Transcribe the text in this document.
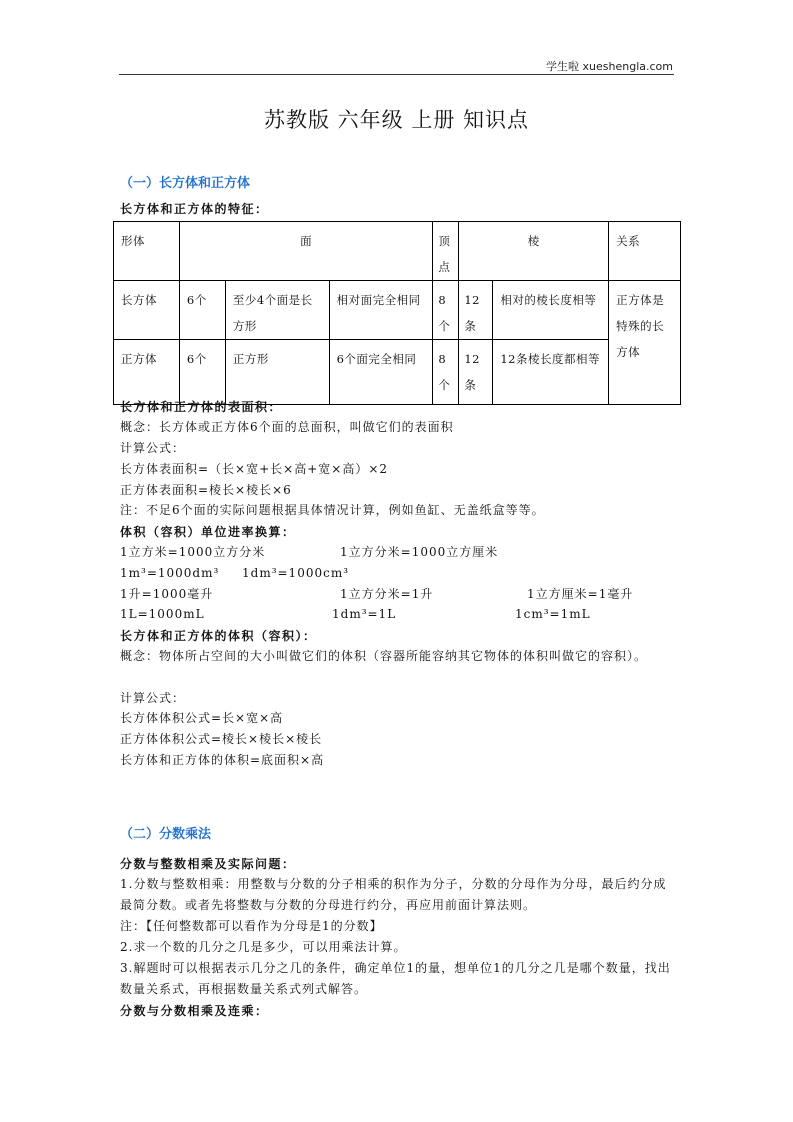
学生啦 xueshengla.com
苏教版 六年级 上册 知识点
（一）长方体和正方体
长方体和正方体的特征：
形体	面			顶点	棱		关系
长方体	6个	至少4个面是长方形	相对面完全相同	8个	12条	相对的棱长度相等	正方体是特殊的长方体
正方体	6个	正方形	6个面完全相同	8个	12条	12条棱长度都相等	
长方体和正方体的表面积：
概念：长方体或正方体6个面的总面积，叫做它们的表面积
计算公式：
长方体表面积=（长×宽+长×高+宽×高）×2
正方体表面积=棱长×棱长×6
注：不足6个面的实际问题根据具体情况计算，例如鱼缸、无盖纸盒等等。
体积（容积）单位进率换算：
1立方米=1000立方分米	1立方分米=1000立方厘米
1m³=1000dm³ 1dm³=1000cm³
1升=1000毫升	1立方分米=1升	1立方厘米=1毫升
1L=1000mL	1dm³=1L	1cm³=1mL
长方体和正方体的体积（容积）：
概念：物体所占空间的大小叫做它们的体积（容器所能容纳其它物体的体积叫做它的容积）。
计算公式：
长方体体积公式=长×宽×高
正方体体积公式=棱长×棱长×棱长
长方体和正方体的体积=底面积×高
（二）分数乘法
分数与整数相乘及实际问题：
1.分数与整数相乘：用整数与分数的分子相乘的积作为分子，分数的分母作为分母，最后约分成最简分数。或者先将整数与分数的分母进行约分，再应用前面计算法则。
注：【任何整数都可以看作为分母是1的分数】
2.求一个数的几分之几是多少，可以用乘法计算。
3.解题时可以根据表示几分之几的条件，确定单位1的量，想单位1的几分之几是哪个数量，找出数量关系式，再根据数量关系式列式解答。
分数与分数相乘及连乘：
